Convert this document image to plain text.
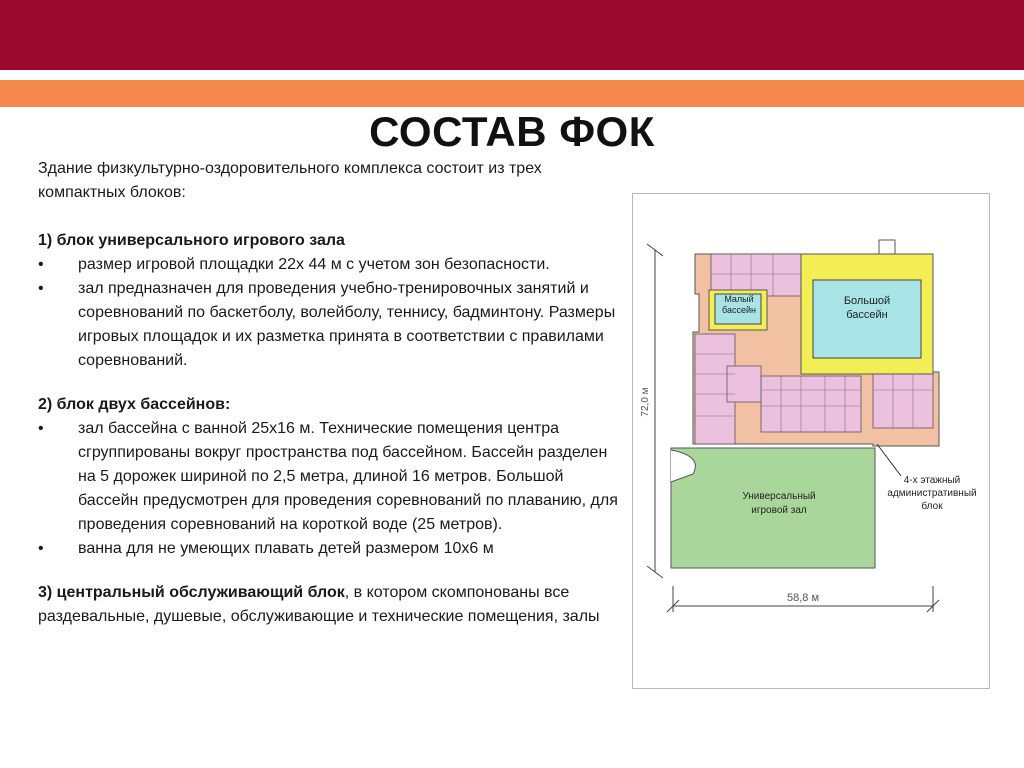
СОСТАВ ФОК

Здание физкультурно-оздоровительного комплекса состоит из трех компактных блоков:

1) блок универсального игрового зала

• размер игровой площадки 22х 44 м с учетом зон безопасности.

• зал предназначен для проведения учебно-тренировочных занятий и соревнований по баскетболу, волейболу, теннису, бадминтону. Размеры игровых площадок и их разметка принята в соответствии с правилами соревнований.

2) блок двух бассейнов:

• зал бассейна с ванной 25х16 м. Технические помещения центра сгруппированы вокруг пространства под бассейном. Бассейн разделен на 5 дорожек шириной по 2,5 метра, длиной 16 метров. Большой бассейн предусмотрен для проведения соревнований по плаванию, для проведения соревнований на короткой воде (25 метров).

• ванна для не умеющих плавать детей размером 10х6 м

3) центральный обслуживающий блок, в котором скомпонованы все раздевальные, душевые, обслуживающие и технические помещения, залы

Малый бассейн
Большой бассейн
Универсальный игровой зал
4-х этажный административный блок
72,0 м
58,8 м
